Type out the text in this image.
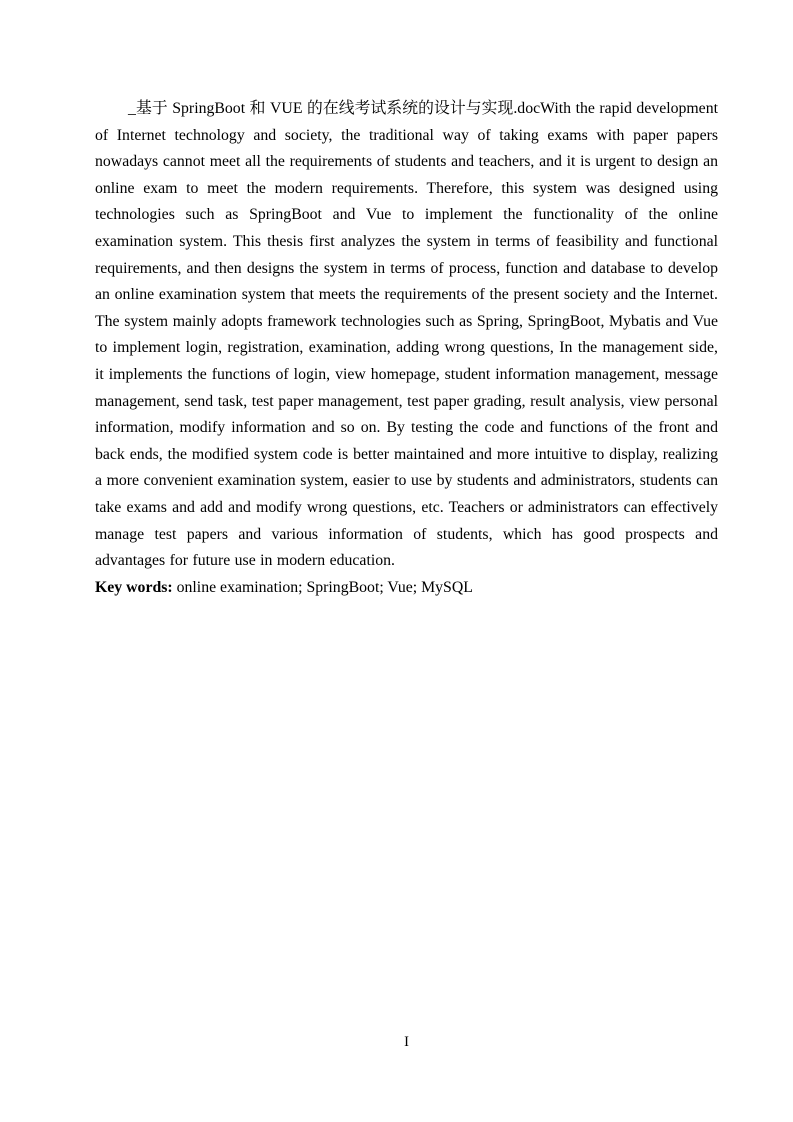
_基于 SpringBoot 和 VUE 的在线考试系统的设计与实现.docWith the rapid development of Internet technology and society, the traditional way of taking exams with paper papers nowadays cannot meet all the requirements of students and teachers, and it is urgent to design an online exam to meet the modern requirements. Therefore, this system was designed using technologies such as SpringBoot and Vue to implement the functionality of the online examination system. This thesis first analyzes the system in terms of feasibility and functional requirements, and then designs the system in terms of process, function and database to develop an online examination system that meets the requirements of the present society and the Internet. The system mainly adopts framework technologies such as Spring, SpringBoot, Mybatis and Vue to implement login, registration, examination, adding wrong questions, In the management side, it implements the functions of login, view homepage, student information management, message management, send task, test paper management, test paper grading, result analysis, view personal information, modify information and so on. By testing the code and functions of the front and back ends, the modified system code is better maintained and more intuitive to display, realizing a more convenient examination system, easier to use by students and administrators, students can take exams and add and modify wrong questions, etc. Teachers or administrators can effectively manage test papers and various information of students, which has good prospects and advantages for future use in modern education.

Key words: online examination; SpringBoot; Vue; MySQL

I
